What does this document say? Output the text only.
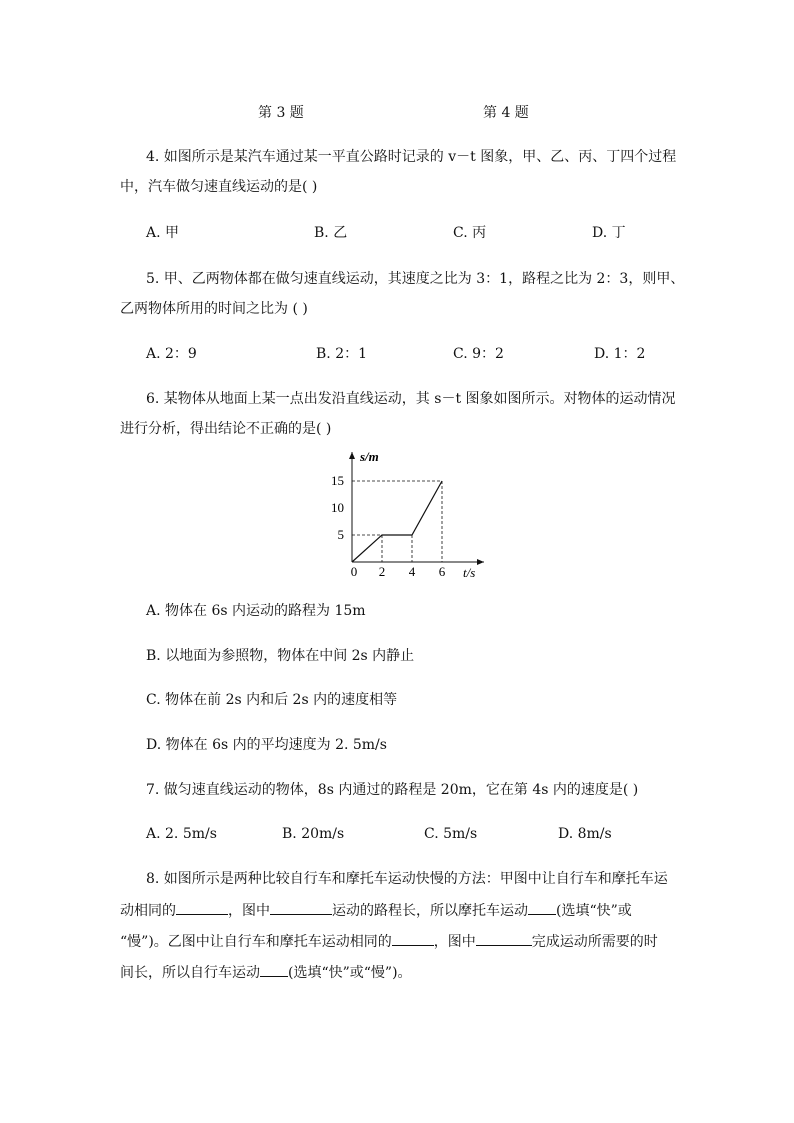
第 3 题	第 4 题
4. 如图所示是某汽车通过某一平直公路时记录的 v－t 图象，甲、乙、丙、丁四个过程
中，汽车做匀速直线运动的是( )
A. 甲	B. 乙	C. 丙	D. 丁
5. 甲、乙两物体都在做匀速直线运动，其速度之比为 3：1，路程之比为 2：3，则甲、
乙两物体所用的时间之比为 ( )
A. 2：9	B. 2：1	C. 9：2	D. 1：2
6. 某物体从地面上某一点出发沿直线运动，其 s－t 图象如图所示。对物体的运动情况
进行分析，得出结论不正确的是( )
5
10
15
2 4 6
0
s/m
t/s
A. 物体在 6s 内运动的路程为 15m
B. 以地面为参照物，物体在中间 2s 内静止
C. 物体在前 2s 内和后 2s 内的速度相等
D. 物体在 6s 内的平均速度为 2. 5m/s
7. 做匀速直线运动的物体，8s 内通过的路程是 20m，它在第 4s 内的速度是( )
A. 2. 5m/s	B. 20m/s	C. 5m/s	D. 8m/s
8. 如图所示是两种比较自行车和摩托车运动快慢的方法：甲图中让自行车和摩托车运
动相同的	，图中	运动的路程长，所以摩托车运动 (选填“快”或
“慢”)。乙图中让自行车和摩托车运动相同的	，图中	完成运动所需要的时
间长，所以自行车运动 (选填“快”或“慢”)。
